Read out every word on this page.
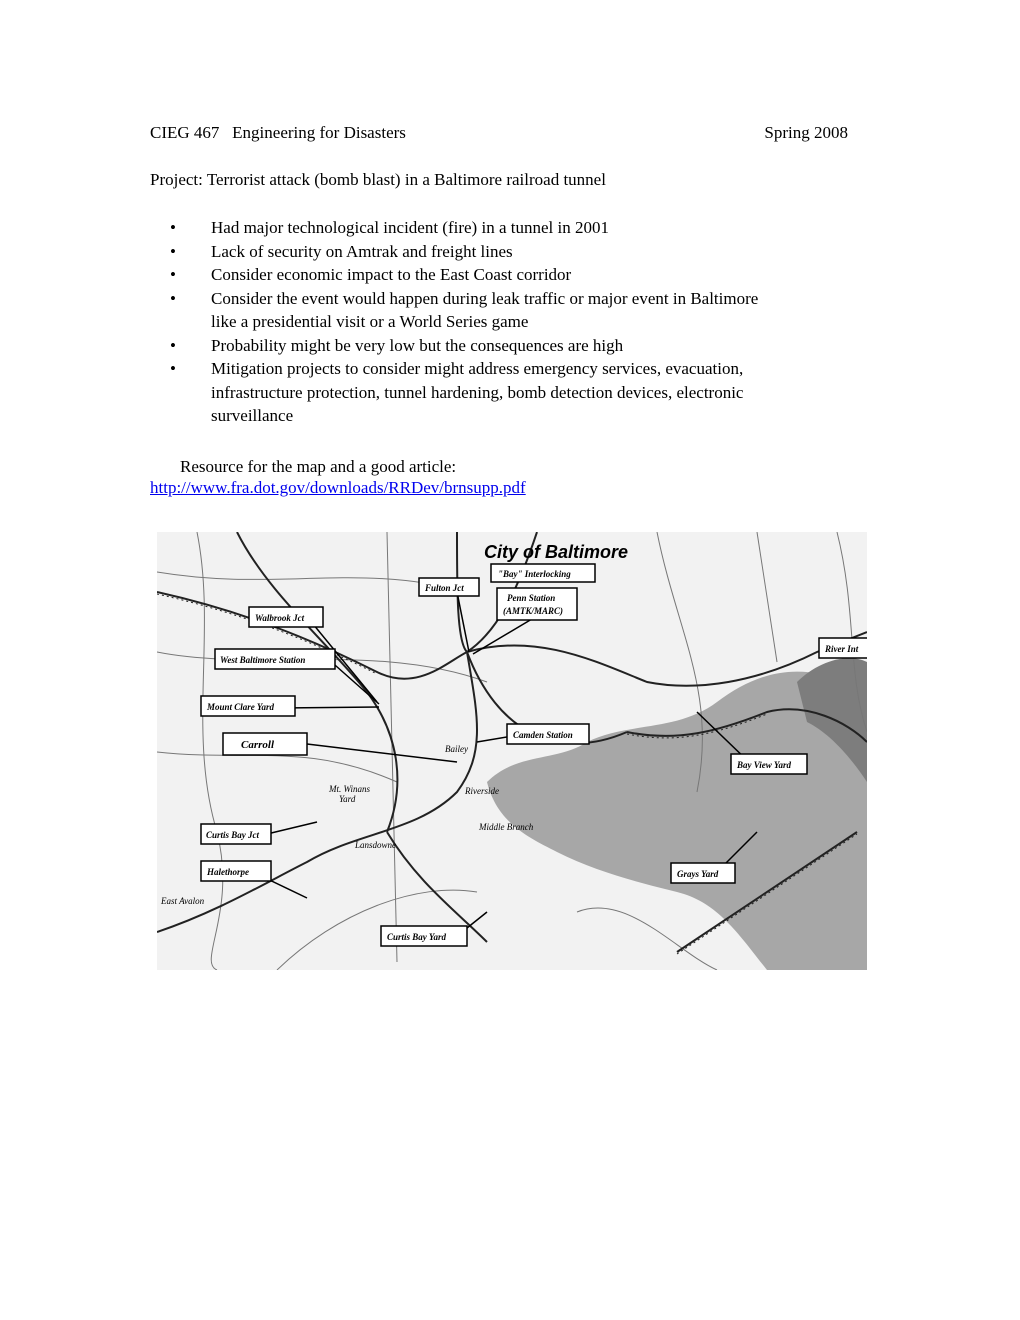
CIEG 467   Engineering for Disasters	Spring 2008
Project: Terrorist attack (bomb blast) in a Baltimore railroad tunnel
• Had major technological incident (fire) in a tunnel in 2001
• Lack of security on Amtrak and freight lines
• Consider economic impact to the East Coast corridor
• Consider the event would happen during leak traffic or major event in Baltimore
like a presidential visit or a World Series game
• Probability might be very low but the consequences are high
• Mitigation projects to consider might address emergency services, evacuation,
infrastructure protection, tunnel hardening, bomb detection devices, electronic
surveillance
Resource for the map and a good article:
http://www.fra.dot.gov/downloads/RRDev/brnsupp.pdf
City of Baltimore
"Bay" Interlocking
Fulton Jct
Penn Station
(AMTK/MARC)
Walbrook Jct
West Baltimore Station
River Int
Mount Clare Yard
Camden Station
Carroll
Bay View Yard
Curtis Bay Jct
Halethorpe	Grays Yard
Curtis Bay Yard
East Avalon
Mt. Winans
Yard
Lansdowne
Middle Branch
Riverside
Bailey
